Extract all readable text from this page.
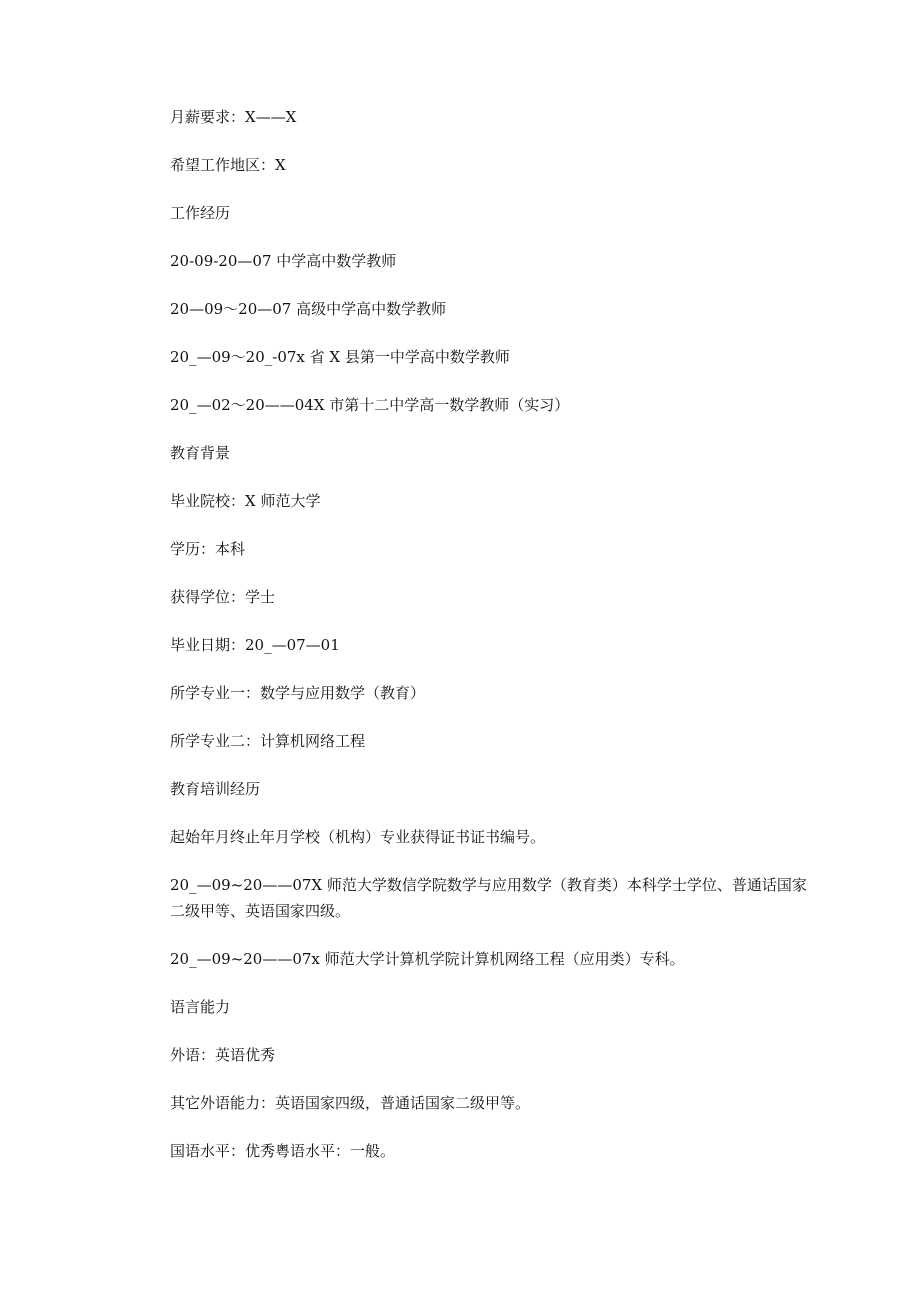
月薪要求：X——X

希望工作地区：X

工作经历

20-09-20—07 中学高中数学教师

20—09～20—07 高级中学高中数学教师

20_—09～20_-07x 省 X 县第一中学高中数学教师

20_—02～20——04X 市第十二中学高一数学教师（实习）

教育背景

毕业院校：X 师范大学

学历：本科

获得学位：学士

毕业日期：20_—07—01

所学专业一：数学与应用数学（教育）

所学专业二：计算机网络工程

教育培训经历

起始年月终止年月学校（机构）专业获得证书证书编号。

20_—09~20——07X 师范大学数信学院数学与应用数学（教育类）本科学士学位、普通话国家二级甲等、英语国家四级。

20_—09~20——07x 师范大学计算机学院计算机网络工程（应用类）专科。

语言能力

外语：英语优秀

其它外语能力：英语国家四级，普通话国家二级甲等。

国语水平：优秀粤语水平：一般。
